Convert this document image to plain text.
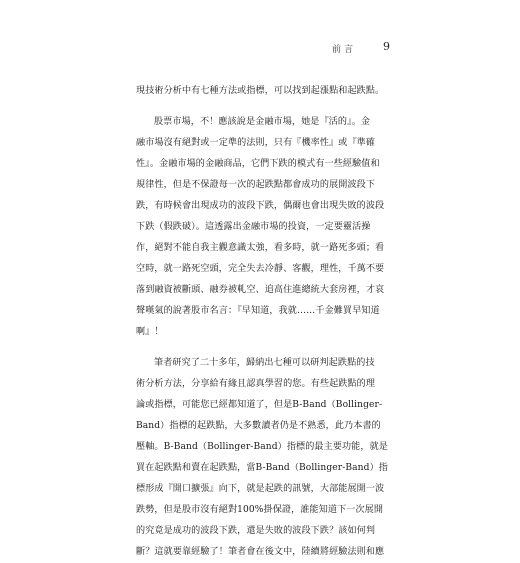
前言 9
現技術分析中有七種方法或指標，可以找到起漲點和起跌點。
股票市場，不！應該說是金融市場，她是『活的』。金
融市場沒有絕對或一定準的法則，只有『機率性』或『準確
性』。金融市場的金融商品，它們下跌的模式有一些經驗值和
規律性，但是不保證每一次的起跌點都會成功的展開波段下
跌，有時候會出現成功的波段下跌，偶爾也會出現失敗的波段
下跌（假跌破）。這透露出金融市場的投資，一定要靈活操
作，絕對不能自我主觀意識太強，看多時，就一路死多頭；看
空時，就一路死空頭，完全失去冷靜、客觀，理性，千萬不要
落到融資被斷頭、融券被軋空、追高住進總統大套房裡，才哀
聲嘆氣的說著股市名言：『早知道，我就……千金難買早知道
啊』！
筆者研究了二十多年，歸納出七種可以研判起跌點的技
術分析方法，分享給有緣且認真學習的您。有些起跌點的理
論或指標，可能您已經都知道了，但是B-Band（Bollinger-
Band）指標的起跌點，大多數讀者仍是不熟悉，此乃本書的
壓軸。B-Band（Bollinger-Band）指標的最主要功能，就是
買在起跌點和賣在起跌點，當B-Band（Bollinger-Band）指
標形成『開口擴張』向下，就是起跌的訊號，大部能展開一波
跌勢，但是股市沒有絕對100%掛保證，誰能知道下一次展開
的究竟是成功的波段下跌，還是失敗的波段下跌？該如何判
斷？這就要靠經驗了！筆者會在後文中，陸續將經驗法則和應
